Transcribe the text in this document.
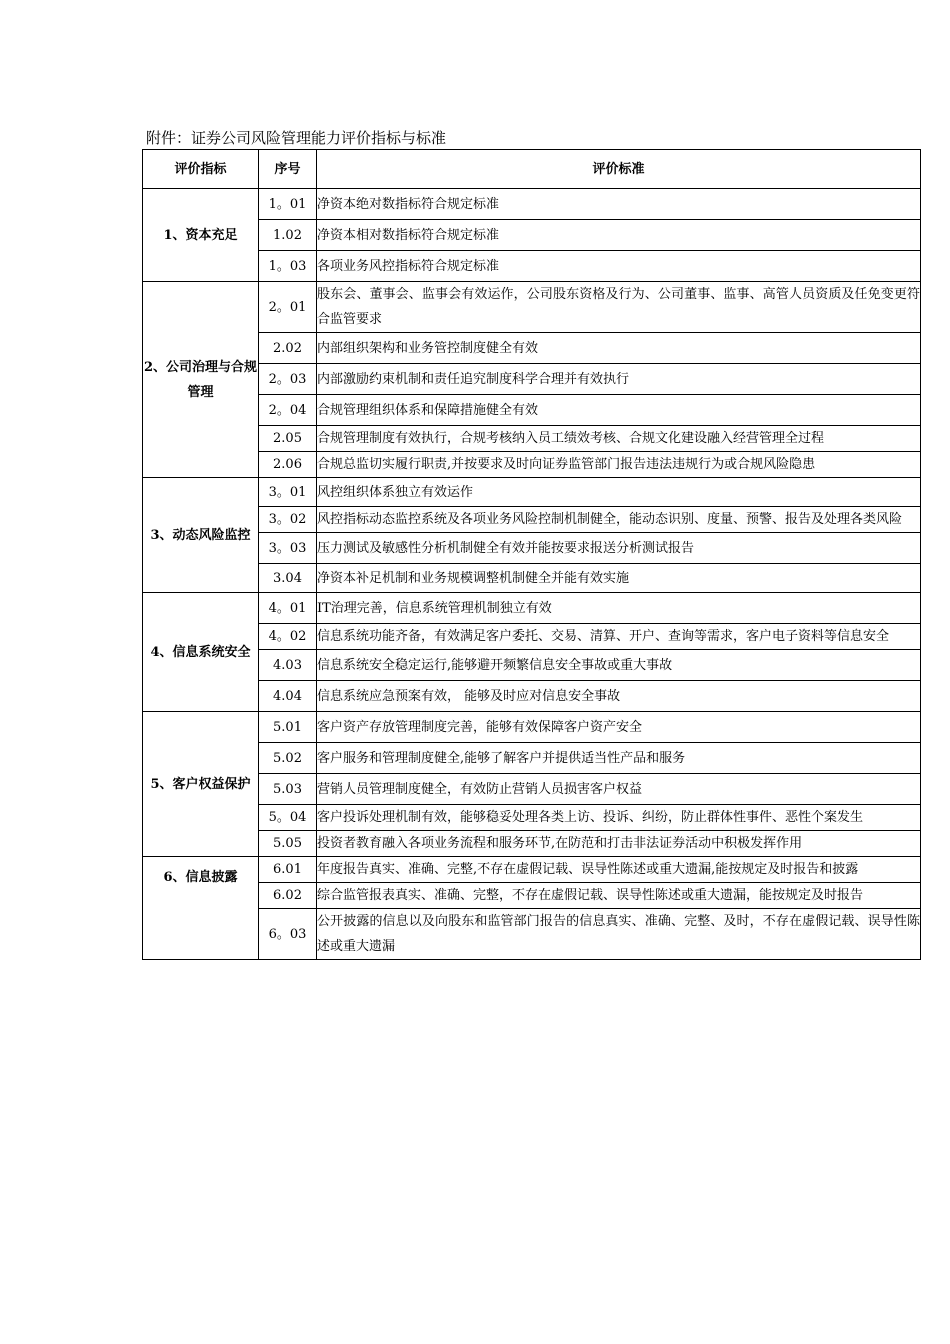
附件：证券公司风险管理能力评价指标与标准
评价指标	序号	评价标准
1、资本充足	1。01	净资本绝对数指标符合规定标准
	1.02	净资本相对数指标符合规定标准
	1。03	各项业务风控指标符合规定标准
2、公司治理与合规管理	2。01	股东会、董事会、监事会有效运作，公司股东资格及行为、公司董事、监事、高管人员资质及任免变更符合监管要求
	2.02	内部组织架构和业务管控制度健全有效
	2。03	内部激励约束机制和责任追究制度科学合理并有效执行
	2。04	合规管理组织体系和保障措施健全有效
	2.05	合规管理制度有效执行，合规考核纳入员工绩效考核、合规文化建设融入经营管理全过程
	2.06	合规总监切实履行职责,并按要求及时向证券监管部门报告违法违规行为或合规风险隐患
3、动态风险监控	3。01	风控组织体系独立有效运作
	3。02	风控指标动态监控系统及各项业务风险控制机制健全，能动态识别、度量、预警、报告及处理各类风险
	3。03	压力测试及敏感性分析机制健全有效并能按要求报送分析测试报告
	3.04	净资本补足机制和业务规模调整机制健全并能有效实施
4、信息系统安全	4。01	IT治理完善，信息系统管理机制独立有效
	4。02	信息系统功能齐备，有效满足客户委托、交易、清算、开户、查询等需求，客户电子资料等信息安全
	4.03	信息系统安全稳定运行,能够避开频繁信息安全事故或重大事故
	4.04	信息系统应急预案有效， 能够及时应对信息安全事故
5、客户权益保护	5.01	客户资产存放管理制度完善，能够有效保障客户资产安全
	5.02	客户服务和管理制度健全,能够了解客户并提供适当性产品和服务
	5.03	营销人员管理制度健全，有效防止营销人员损害客户权益
	5。04	客户投诉处理机制有效，能够稳妥处理各类上访、投诉、纠纷，防止群体性事件、恶性个案发生
	5.05	投资者教育融入各项业务流程和服务环节,在防范和打击非法证券活动中积极发挥作用
6、信息披露	6.01	年度报告真实、准确、完整,不存在虚假记载、误导性陈述或重大遗漏,能按规定及时报告和披露
	6.02	综合监管报表真实、准确、完整，不存在虚假记载、误导性陈述或重大遗漏，能按规定及时报告
	6。03	公开披露的信息以及向股东和监管部门报告的信息真实、准确、完整、及时，不存在虚假记载、误导性陈述或重大遗漏
